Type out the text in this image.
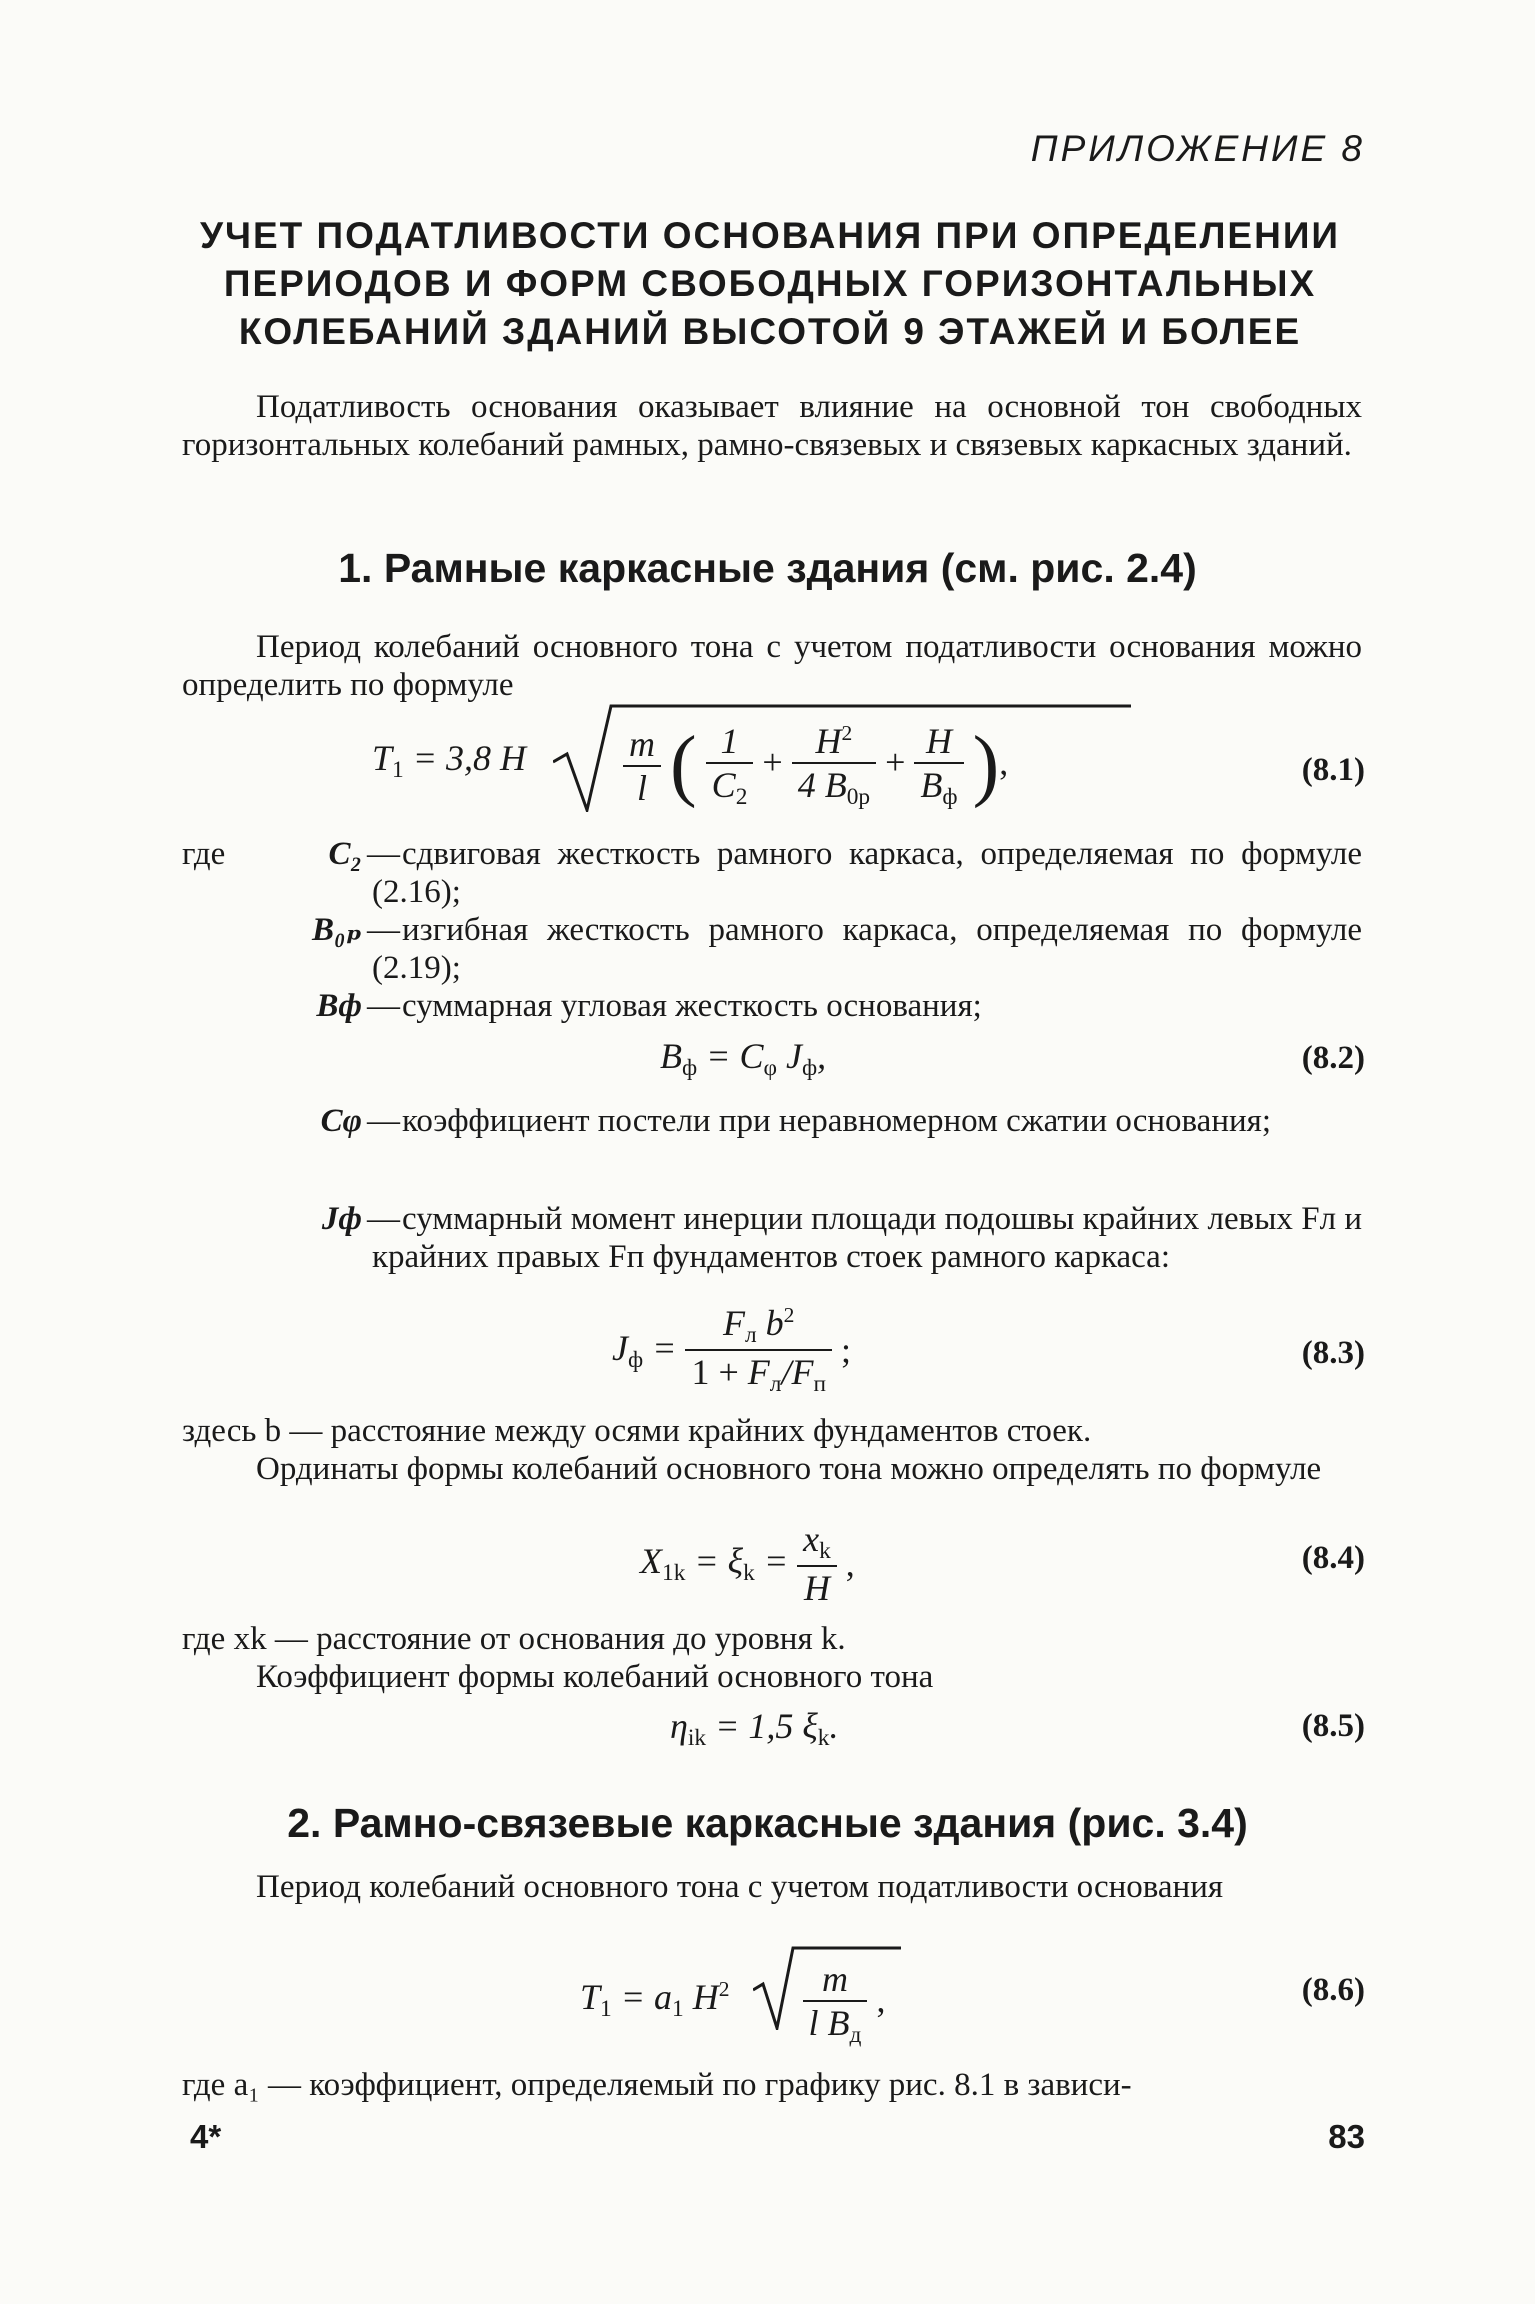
ПРИЛОЖЕНИЕ 8
УЧЕТ ПОДАТЛИВОСТИ ОСНОВАНИЯ ПРИ ОПРЕДЕЛЕНИИ
ПЕРИОДОВ И ФОРМ СВОБОДНЫХ ГОРИЗОНТАЛЬНЫХ
КОЛЕБАНИЙ ЗДАНИЙ ВЫСОТОЙ 9 ЭТАЖЕЙ И БОЛЕЕ
Податливость основания оказывает влияние на основной тон свободных горизонтальных колебаний рамных, рамно-связевых и связевых каркасных зданий.
1. Рамные каркасные здания (см. рис. 2.4)
Период колебаний основного тона с учетом податливости основания можно определить по формуле
$T_1 = 3,8$ H	$\frac{m}{l}$ ( $\frac{1}{C_2} + \frac{H^2}{4 B_{0р}} + \frac{H}{B_ф}$ ),	(8.1)
где	C₂ — сдвиговая жесткость рамного каркаса, определяемая по формуле (2.16);
B₀ₚ — изгибная жесткость рамного каркаса, определяемая по формуле (2.19);
Bф — суммарная угловая жесткость основания;
$B_ф = C_\varphi$ $J_ф$,	(8.2)
Cφ — коэффициент постели при неравномерном сжатии основания;
Jф — суммарный момент инерции площади подошвы крайних левых Fл и крайних правых Fп фундаментов стоек рамного каркаса:
$J_ф = \frac{F_л b^2}{1 + F_л/F_п}$ ;	(8.3)
здесь b — расстояние между осями крайних фундаментов стоек.
Ординаты формы колебаний основного тона можно определять по формуле
$X_{1k} = \xi_k = \frac{x_k}{H}$ ,	(8.4)
где xk — расстояние от основания до уровня k.
Коэффициент формы колебаний основного тона
$\eta_{ik} = 1,5$ $\xi_k$.	(8.5)
2. Рамно-связевые каркасные здания (рис. 3.4)
Период колебаний основного тона с учетом податливости основания
$T_1 = a_1$ $H^2 \frac{m}{l B_д}$ ,	(8.6)
где a₁ — коэффициент, определяемый по графику рис. 8.1 в зависи-
4*	83
